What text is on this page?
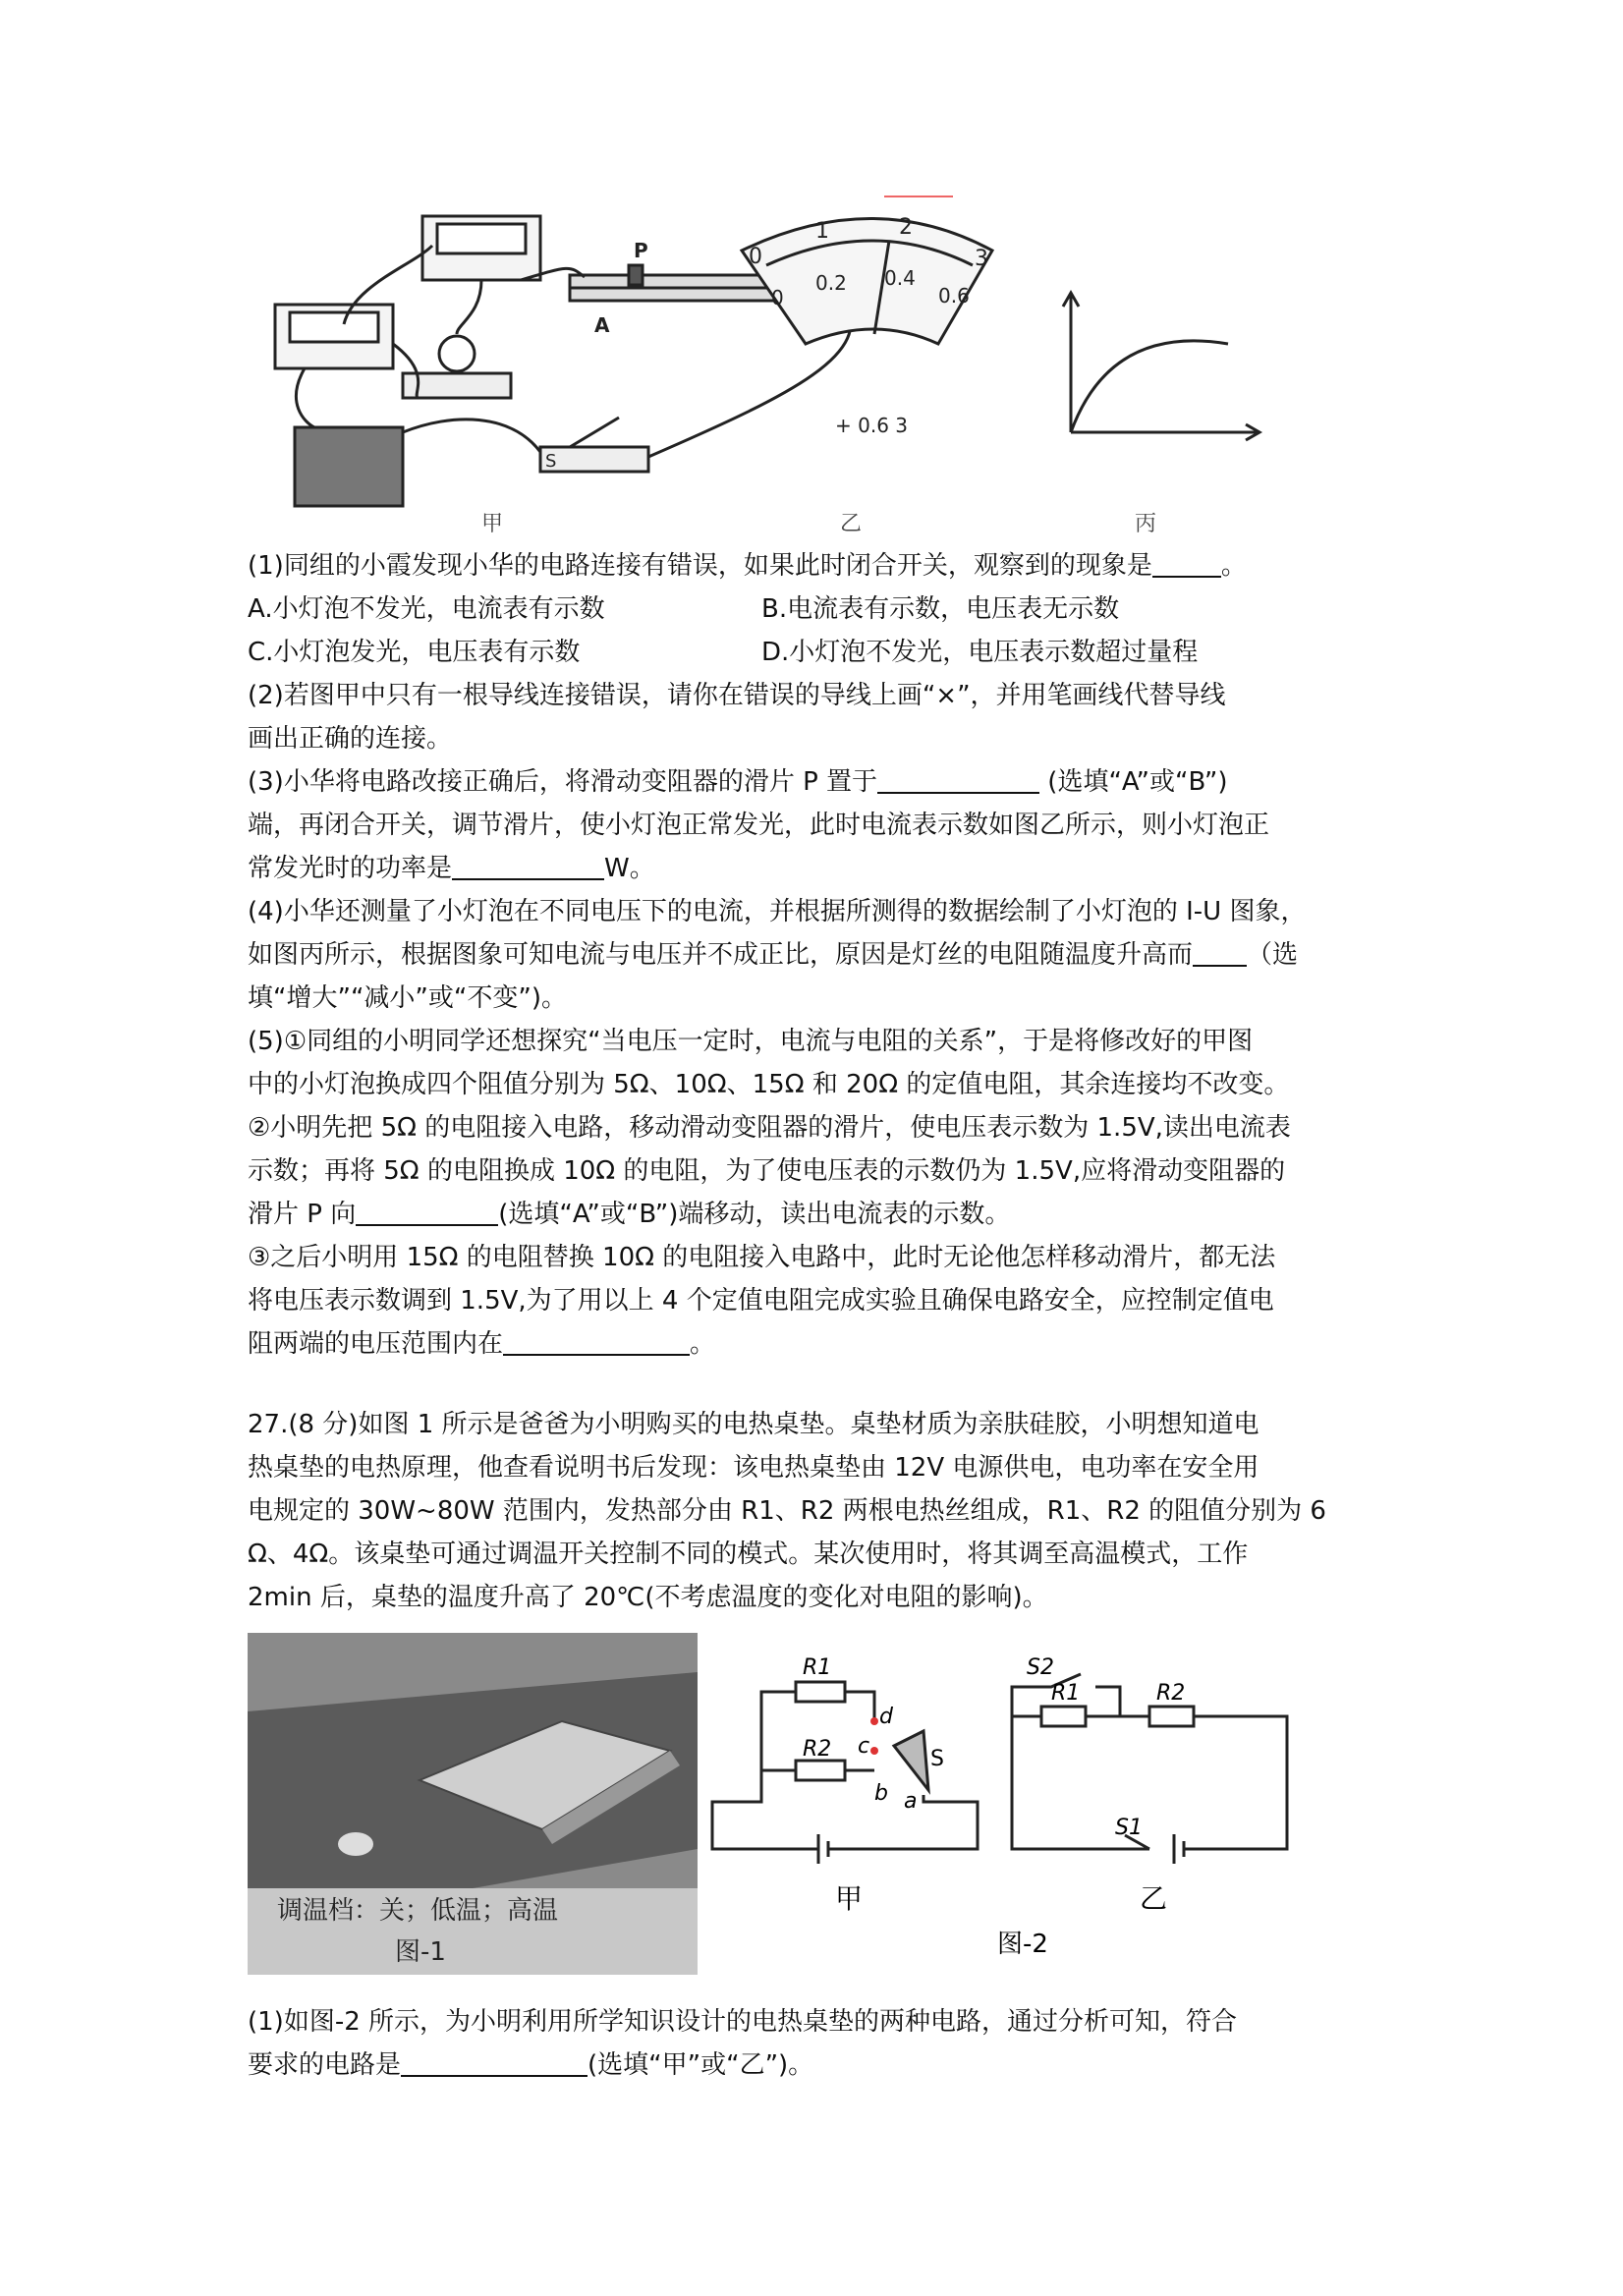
P
A
S
甲
0
1	2
3
0
0.2 0.4
0.6
+ 0.6 3
乙	丙
(1)同组的小霞发现小华的电路连接有错误，如果此时闭合开关，观察到的现象是	。
A.小灯泡不发光，电流表有示数	B.电流表有示数，电压表无示数
C.小灯泡发光，电压表有示数	D.小灯泡不发光，电压表示数超过量程
(2)若图甲中只有一根导线连接错误，请你在错误的导线上画“×”，并用笔画线代替导线
画出正确的连接。
(3)小华将电路改接正确后，将滑动变阻器的滑片 P 置于	(选填“A”或“B”)
端，再闭合开关，调节滑片，使小灯泡正常发光，此时电流表示数如图乙所示，则小灯泡正
常发光时的功率是	W。
(4)小华还测量了小灯泡在不同电压下的电流，并根据所测得的数据绘制了小灯泡的 I-U 图象，
如图丙所示，根据图象可知电流与电压并不成正比，原因是灯丝的电阻随温度升高而 （选
填“增大”“减小”或“不变”)。
(5)①同组的小明同学还想探究“当电压一定时，电流与电阻的关系”，于是将修改好的甲图
中的小灯泡换成四个阻值分别为 5Ω、10Ω、15Ω 和 20Ω 的定值电阻，其余连接均不改变。
②小明先把 5Ω 的电阻接入电路，移动滑动变阻器的滑片，使电压表示数为 1.5V,读出电流表
示数；再将 5Ω 的电阻换成 10Ω 的电阻，为了使电压表的示数仍为 1.5V,应将滑动变阻器的
滑片 P 向	(选填“A”或“B”)端移动，读出电流表的示数。
③之后小明用 15Ω 的电阻替换 10Ω 的电阻接入电路中，此时无论他怎样移动滑片，都无法
将电压表示数调到 1.5V,为了用以上 4 个定值电阻完成实验且确保电路安全，应控制定值电
阻两端的电压范围内在	。
27.(8 分)如图 1 所示是爸爸为小明购买的电热桌垫。桌垫材质为亲肤硅胶，小明想知道电
热桌垫的电热原理，他查看说明书后发现：该电热桌垫由 12V 电源供电，电功率在安全用
电规定的 30W~80W 范围内，发热部分由 R1、R2 两根电热丝组成，R1、R2 的阻值分别为 6
Ω、4Ω。该桌垫可通过调温开关控制不同的模式。某次使用时，将其调至高温模式，工作
2min 后，桌垫的温度升高了 20℃(不考虑温度的变化对电阻的影响)。
调温档：关；低温；高温
图-1
R1
R2
d
c
b a
S
甲
S2
R1	R2
S1
乙
图-2
(1)如图-2 所示，为小明利用所学知识设计的电热桌垫的两种电路，通过分析可知，符合
要求的电路是	(选填“甲”或“乙”)。
